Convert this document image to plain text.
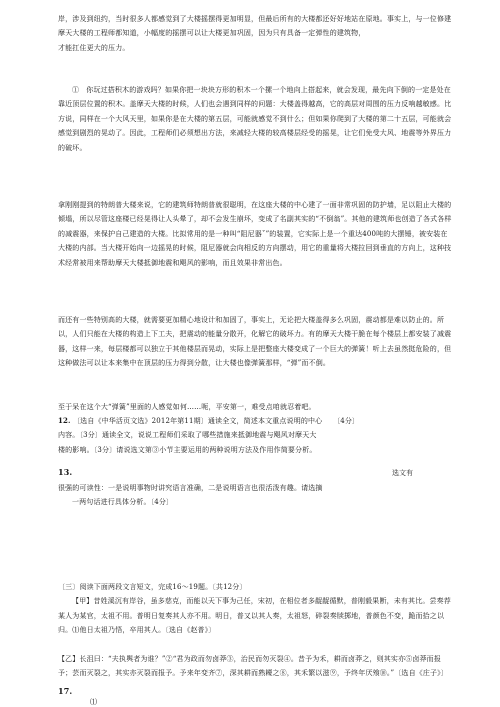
岸，涉及到纽约，当时很多人都感觉到了大楼摇摆得更加明显，但最后所有的大楼都还好好地站在原地。事实上，与一位修建摩天大楼的工程师都知道，小幅度的摇摆可以让大楼更加巩固，因为只有具备一定弹性的建筑物，

才能扛住更大的压力。

①　你玩过搭积木的游戏吗？如果你把一块块方形的积木一个摞一个地向上搭起来，就会发现，最先向下倒的一定是处在靠近顶层位置的积木。盖摩天大楼的时候，人们也会遇到同样的问题：大楼盖得越高，它的高层对周围的压力反响越敏感。比方说，同样在一个大风天里，如果你是在大楼的第五层，可能就感觉不到什么；但如果你爬到了大楼的第二十五层，可能就会感觉到剧烈的晃动了。因此，工程师们必须想出方法，来减轻大楼的较高楼层经受的摇晃，让它们免受大风、地震等外界压力的破坏。

拿刚刚提到的特朗普大楼来说，它的建筑师特朗普就很聪明，在这座大楼的中心建了一面非常巩固的防护墙，足以阻止大楼的倾塌，所以尽管这座楼已经晃得让人头晕了，却不会发生崩坏，变成了名副其实的“不倒翁”。其他的建筑师也创造了各式各样的减震器，来保护自己建造的大楼。比拟常用的是一种叫“阻尼器ˇ”的装置，它实际上是一个重达400吨的大摆锤，被安装在大楼的内部。当大楼开始向一边摇晃的时候，阻尼器就会向相反的方向摆动，用它的重量将大楼拉回到垂直的方向上，这种技术经常被用来帮助摩天大楼抵御地震和飓风的影响，而且效果非常出色。

而还有一些特别高的大楼，就需要更加精心地设计和加固了，事实上，无论把大楼盖得多么巩固，震动都是难以防止的。所以，人们只能在大楼的构造上下工夫，把震动的能量分散开，化解它的破坏力。有的摩天大楼干脆在每个楼层上都安装了减震器，这样一来，每层楼都可以独立于其他楼层而晃动，实际上是把整座大楼变成了一个巨大的弹簧！听上去虽然挺危险的，但这种做法可以让本来集中在顶层的压力得到分散，让大楼也像弹簧那样，“弹”而不倒。

至于呆在这个大“弹簧”里面的人感觉如何……呃，平安第一，难受点咱就忍着吧。

12. 〔选自《中华活页文选》2012年第11期〕通读全文，简述本文重点说明的中心　　〔4分〕

内容。〔3分〕通读全文，说说工程师们采取了哪些措施来抵御地震与飓风对摩天大

楼的影响。〔3分〕请说选文第③小节主要运用的两种说明方法及作用作简要分析。

13.	选文有

很强的可读性：一是说明事物时讲究语言准确，二是说明语言也很活泼有趣。请选摘

一两句话进行具体分析。〔4分〕

〔三〕阅读下面两段文言短文，完成16～19题。〔共12分〕

【甲】昔姓溪沉有岸谷，虽多慈克，而能以天下事为己任，宋初，在相位者多龊龊循默，普刚毅果断，未有其比。尝奏荐某人为某官，太祖不用。普明日复奏其人亦不用。明日，普又以其人奏，太祖怒，碎裂奏牍掷地，普颜色不变，跪而拾之以归。⑴他日太祖乃悟，卒用其人。〔选自《赵普》〕

【乙】长沮曰：“夫执舆者为谁？”②“君为政而勿卤莽③，治民而勿灭裂④。昔予为禾，耕而卤莽之，则其实亦⑤卤莽而报予；芸而灭裂之，其实亦灭裂而报予。予来年变齐⑦，深其耕而熟耰之⑧，其禾繁以滋⑨，予终年厌飧⑩。”〔选自《庄子》〕

17.

⑴
